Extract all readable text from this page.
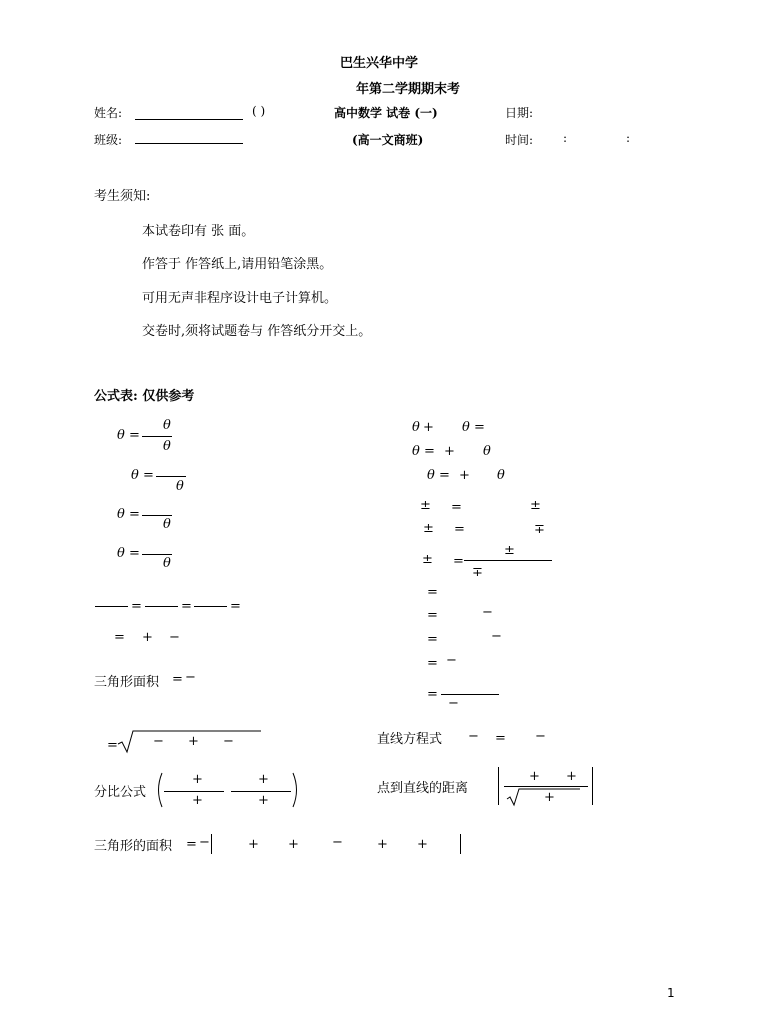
巴生兴华中学
年第二学期期末考
姓名:	( )	高中数学 试卷 (一)	日期:
班级:	(高一文商班)	时间: :	:
考生须知:
本试卷印有 张 面。
作答于 作答纸上,请用铅笔涂黑。
可用无声非程序设计电子计算机。
交卷时,须将试题卷与 作答纸分开交上。
公式表: 仅供参考
θ =
θ
θ
θ =
θ
θ =
θ
θ =
θ
=	=	=
= + −
三角形面积 = −
=	− + −
分比公式
+
+
+
+
三角形的面积 = −	+ +	−	+ +
θ + θ =
θ = + θ
θ = + θ
± =	±
± =	∓
± =
±
∓
=
=	−
=	−
= −
=
−
直线方程式 − = −
点到直线的距离
+ +
+
1
